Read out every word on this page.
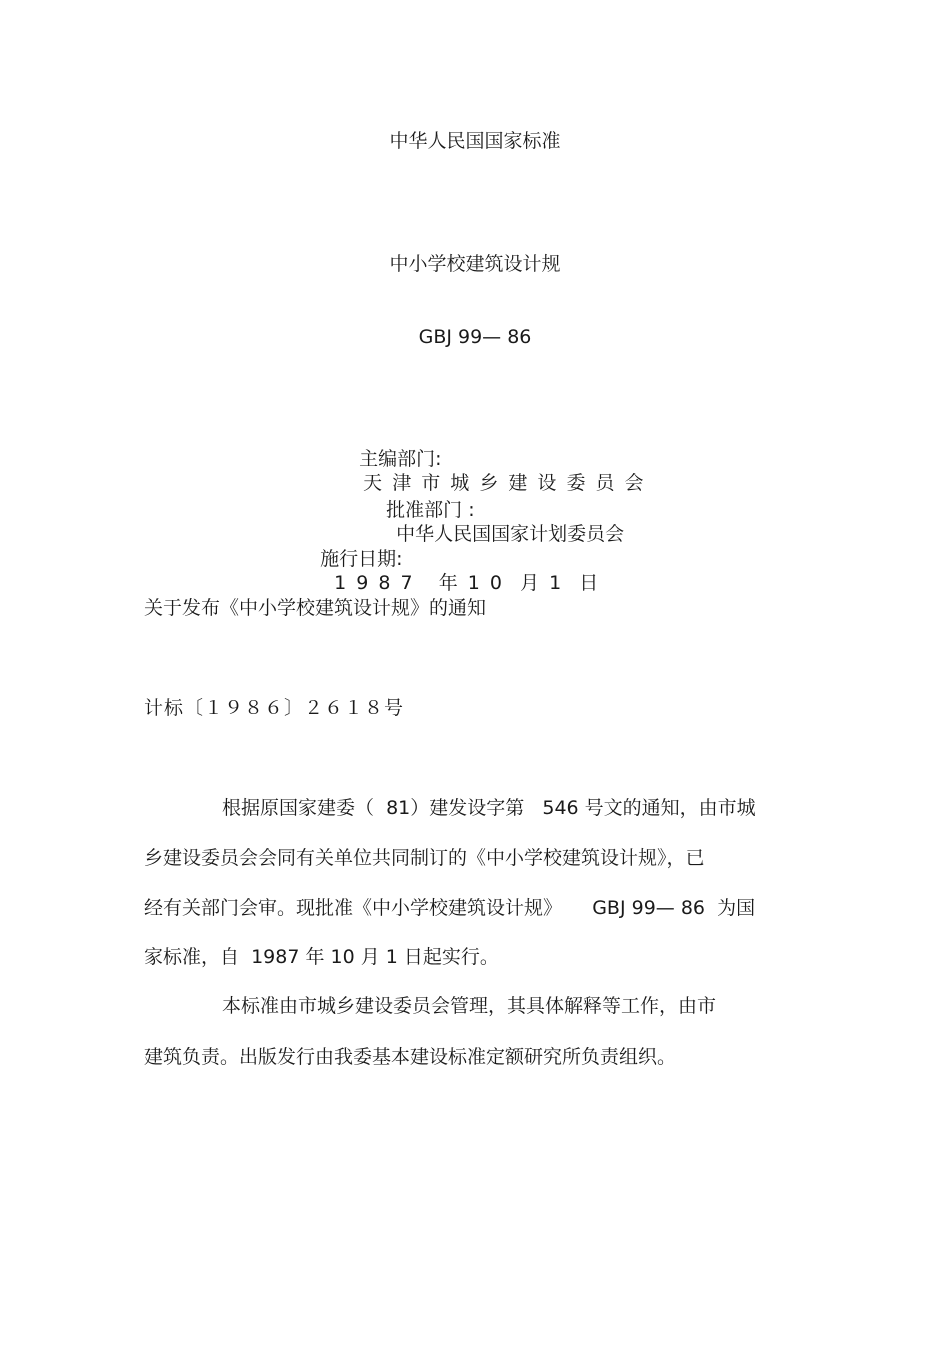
中华人民国国家标准
中小学校建筑设计规
GBJ 99— 86

主编部门:
天 津 市 城 乡 建 设 委 员 会

批准部门 :
中华人民国国家计划委员会

施行日期:
1 9 8 7   年 1 0  月 1  日

关于发布《中小学校建筑设计规》的通知
计标〔１９８６〕２６１８号
根据原国家建委（  81）建发设字第   546 号文的通知，由市城
乡建设委员会会同有关单位共同制订的《中小学校建筑设计规》，已
经有关部门会审。现批准《中小学校建筑设计规》     GBJ 99— 86  为国
家标准，自  1987 年 10 月 1 日起实行。
本标准由市城乡建设委员会管理，其具体解释等工作，由市
建筑负责。出版发行由我委基本建设标准定额研究所负责组织。
